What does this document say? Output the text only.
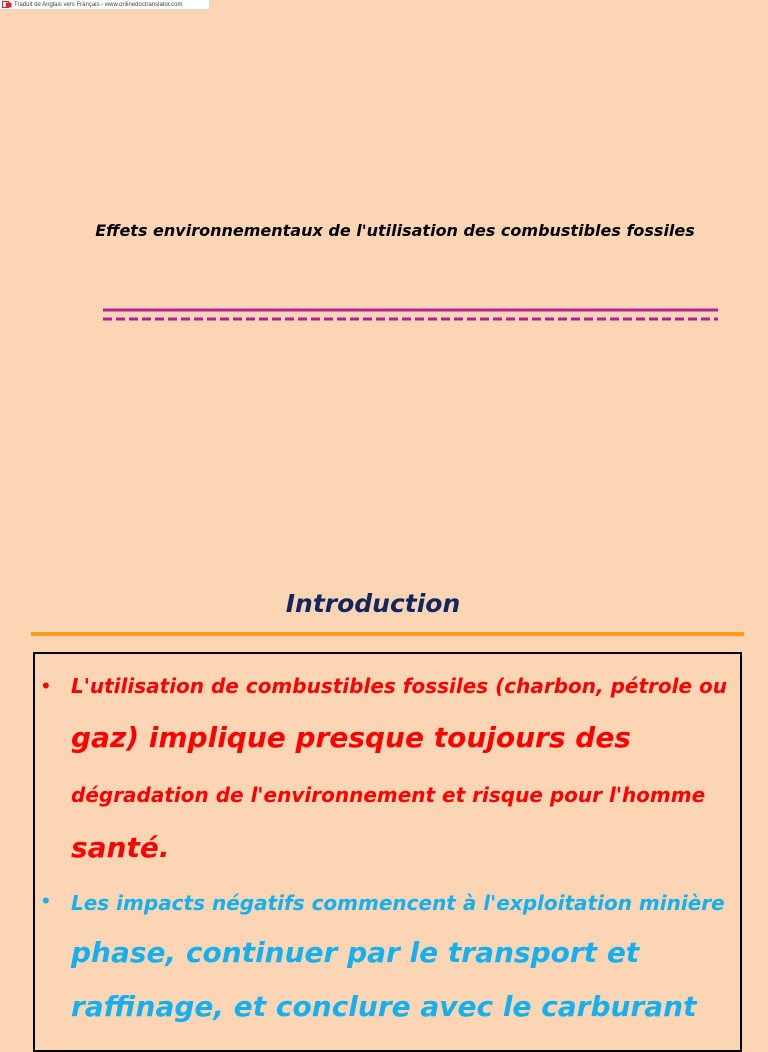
Traduit de Anglais vers Français - www.onlinedoctranslator.com
Effets environnementaux de l'utilisation des combustibles fossiles
Introduction
• L'utilisation de combustibles fossiles (charbon, pétrole ou
gaz) implique presque toujours des
dégradation de l'environnement et risque pour l'homme
santé.
• Les impacts négatifs commencent à l'exploitation minière
phase, continuer par le transport et
raffinage, et conclure avec le carburant
